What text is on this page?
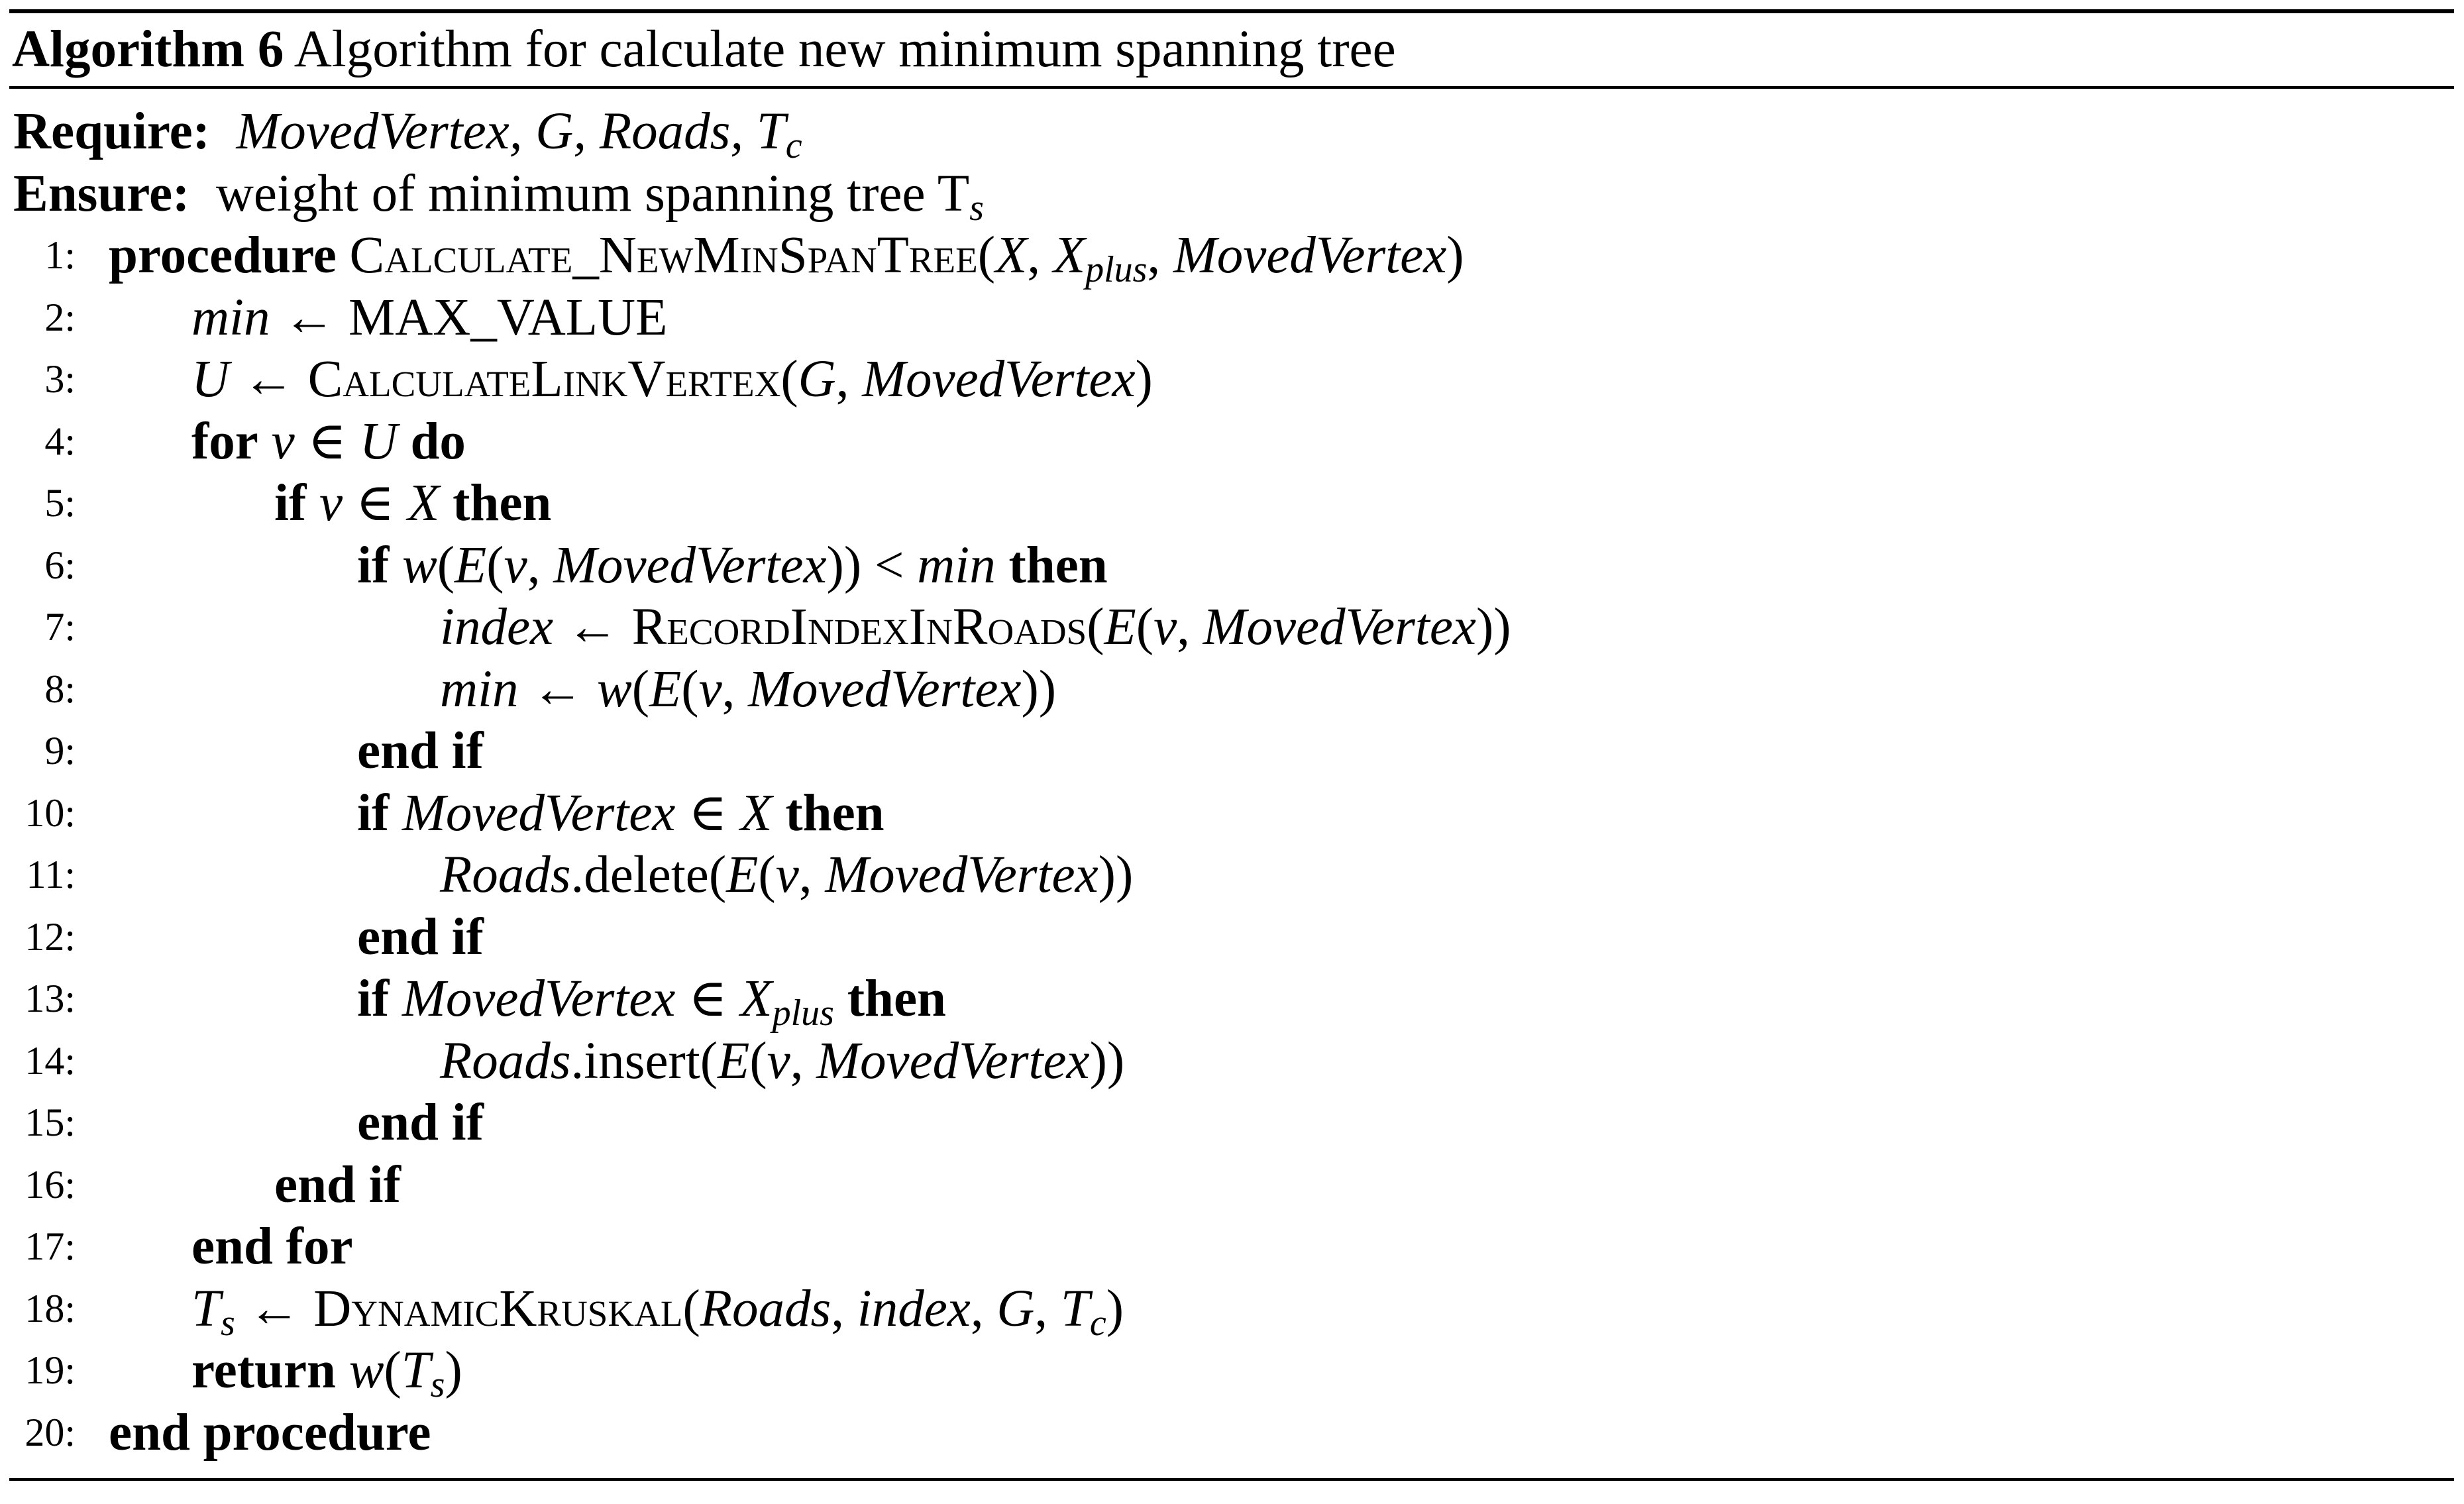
Algorithm 6 Algorithm for calculate new minimum spanning tree
Require: MovedVertex, G, Roads, $T_c$
Ensure: weight of minimum spanning tree $T_s$
1: procedure Calculate_NewMinSpanTree(X, $X_{plus}$, MovedVertex)
2: min ← MAX_VALUE
3: U ← CalculateLinkVertex(G, MovedVertex)
4: for v ∈ U do
5:	if v ∈ X then
6:	if w(E(v, MovedVertex)) < min then
7:	index ← RecordIndexInRoads(E(v, MovedVertex))
8:	min ← w(E(v, MovedVertex))
9:	end if
10:	if MovedVertex ∈ X then
11:	Roads.delete(E(v, MovedVertex))
12:	end if
13:	if MovedVertex ∈ $X_{plus}$ then
14:	Roads.insert(E(v, MovedVertex))
15:	end if
16:	end if
17: end for
18: $T_s$ ← DynamicKruskal(Roads, index, G, $T_c$)
19: return $w(T_s)$
20: end procedure
